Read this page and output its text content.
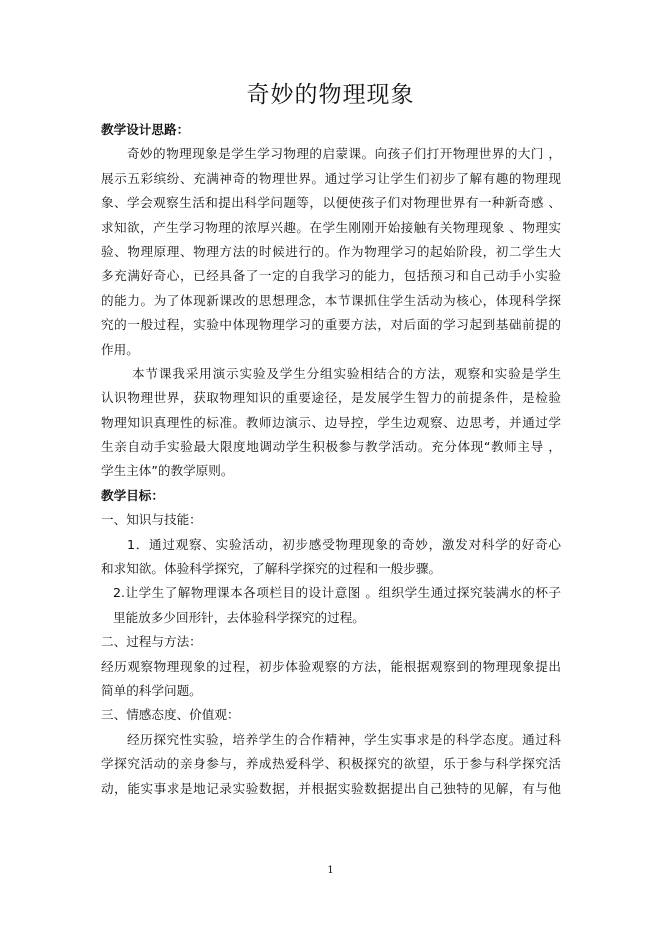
奇妙的物理现象
教学设计思路：
奇妙的物理现象是学生学习物理的启蒙课。向孩子们打开物理世界的大门 ，
展示五彩缤纷、充满神奇的物理世界。通过学习让学生们初步了解有趣的物理现
象、学会观察生活和提出科学问题等，以便使孩子们对物理世界有一种新奇感 、
求知欲，产生学习物理的浓厚兴趣。在学生刚刚开始接触有关物理现象 、物理实
验、物理原理、物理方法的时候进行的。作为物理学习的起始阶段，初二学生大
多充满好奇心，已经具备了一定的自我学习的能力，包括预习和自己动手小实验
的能力。为了体现新课改的思想理念，本节课抓住学生活动为核心，体现科学探
究的一般过程，实验中体现物理学习的重要方法，对后面的学习起到基础前提的
作用。
本节课我采用演示实验及学生分组实验相结合的方法，观察和实验是学生
认识物理世界，获取物理知识的重要途径，是发展学生智力的前提条件，是检验
物理知识真理性的标准。教师边演示、边导控，学生边观察、边思考，并通过学
生亲自动手实验最大限度地调动学生积极参与教学活动。充分体现“教师主导 ，
学生主体”的教学原则。
教学目标：
一、知识与技能：
1．通过观察、实验活动，初步感受物理现象的奇妙，激发对科学的好奇心
和求知欲。体验科学探究，了解科学探究的过程和一般步骤。
2.让学生了解物理课本各项栏目的设计意图 。组织学生通过探究装满水的杯子
里能放多少回形针，去体验科学探究的过程。
二、过程与方法：
经历观察物理现象的过程，初步体验观察的方法，能根据观察到的物理现象提出
简单的科学问题。
三、情感态度、价值观：
经历探究性实验，培养学生的合作精神，学生实事求是的科学态度。通过科
学探究活动的亲身参与，养成热爱科学、积极探究的欲望，乐于参与科学探究活
动，能实事求是地记录实验数据，并根据实验数据提出自己独特的见解，有与他
1
